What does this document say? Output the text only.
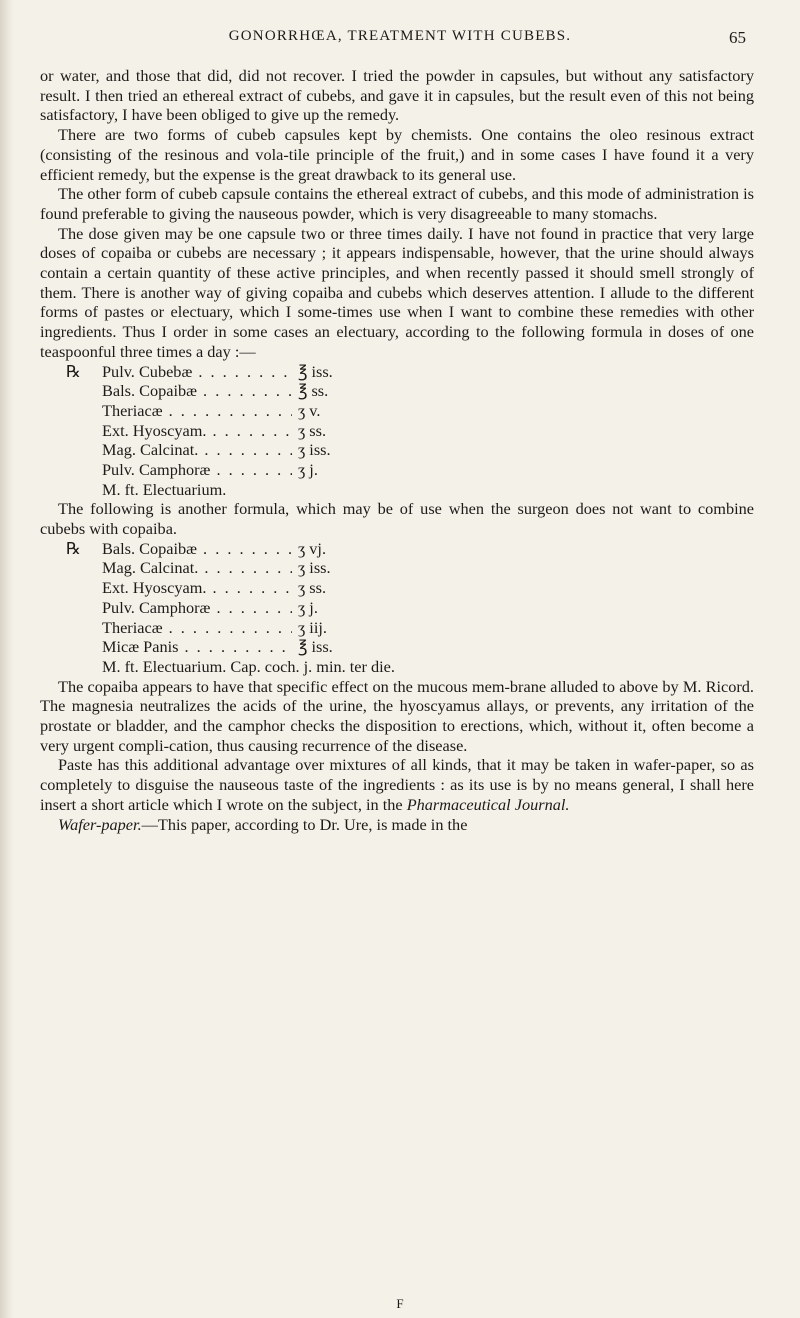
GONORRHŒA, TREATMENT WITH CUBEBS.	65

or water, and those that did, did not recover. I tried the powder in capsules, but without any satisfactory result. I then tried an ethereal extract of cubebs, and gave it in capsules, but the result even of this not being satisfactory, I have been obliged to give up the remedy.

There are two forms of cubeb capsules kept by chemists. One contains the oleo resinous extract (consisting of the resinous and vola-tile principle of the fruit,) and in some cases I have found it a very efficient remedy, but the expense is the great drawback to its general use.

The other form of cubeb capsule contains the ethereal extract of cubebs, and this mode of administration is found preferable to giving the nauseous powder, which is very disagreeable to many stomachs.

The dose given may be one capsule two or three times daily. I have not found in practice that very large doses of copaiba or cubebs are necessary ; it appears indispensable, however, that the urine should always contain a certain quantity of these active principles, and when recently passed it should smell strongly of them. There is another way of giving copaiba and cubebs which deserves attention. I allude to the different forms of pastes or electuary, which I some-times use when I want to combine these remedies with other ingredients. Thus I order in some cases an electuary, according to the following formula in doses of one teaspoonful three times a day :—

℞	Pulv. Cubebæ . . .	℥ iss.
Bals. Copaibæ . . .	℥ ss.
Theriacæ . . .	ʒ v.
Ext. Hyoscyam. . . .	ʒ ss.
Mag. Calcinat. . . .	ʒ iss.
Pulv. Camphoræ . . .	ʒ j.
M. ft. Electuarium.

The following is another formula, which may be of use when the surgeon does not want to combine cubebs with copaiba.

℞	Bals. Copaibæ . . .	ʒ vj.
Mag. Calcinat. . . .	ʒ iss.
Ext. Hyoscyam. . . .	ʒ ss.
Pulv. Camphoræ . . .	ʒ j.
Theriacæ . . .	ʒ iij.
Micæ Panis . . .	℥ iss.
M. ft. Electuarium. Cap. coch. j. min. ter die.

The copaiba appears to have that specific effect on the mucous mem-brane alluded to above by M. Ricord. The magnesia neutralizes the acids of the urine, the hyoscyamus allays, or prevents, any irritation of the prostate or bladder, and the camphor checks the disposition to erections, which, without it, often become a very urgent compli-cation, thus causing recurrence of the disease.

Paste has this additional advantage over mixtures of all kinds, that it may be taken in wafer-paper, so as completely to disguise the nauseous taste of the ingredients : as its use is by no means general, I shall here insert a short article which I wrote on the subject, in the Pharmaceutical Journal.

Wafer-paper.—This paper, according to Dr. Ure, is made in the

F
